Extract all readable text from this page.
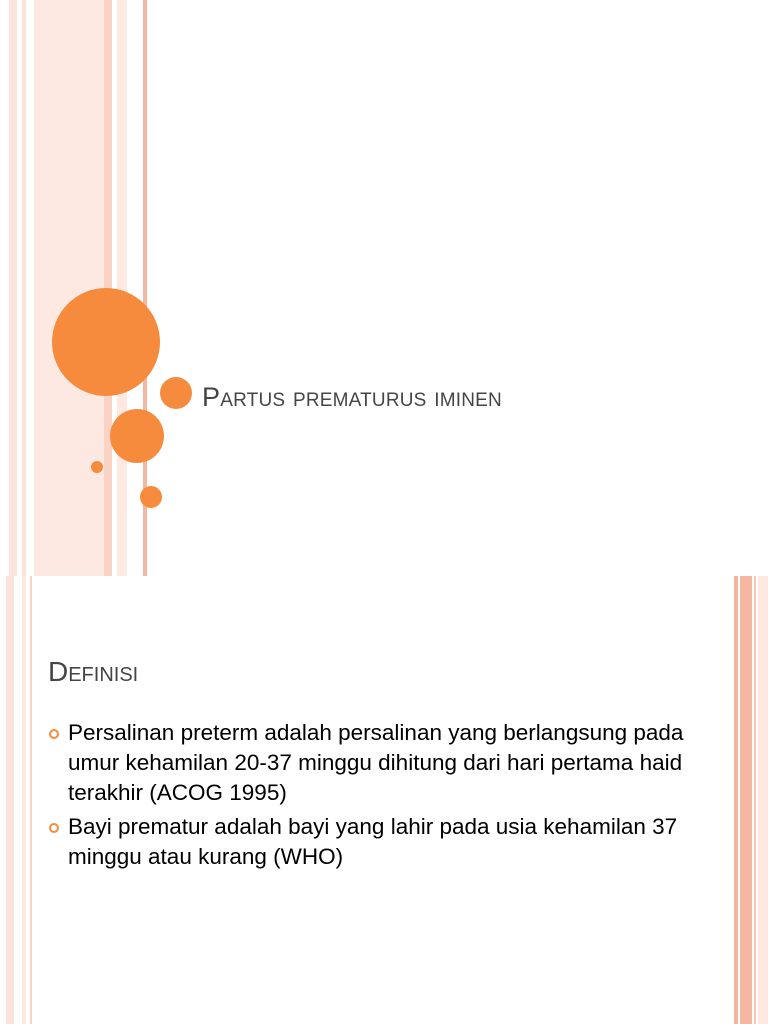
Partus prematurus iminen
Definisi
Persalinan preterm adalah persalinan yang berlangsung pada umur kehamilan 20-37 minggu dihitung dari hari pertama haid terakhir (ACOG 1995)
Bayi prematur adalah bayi yang lahir pada usia kehamilan 37 minggu atau kurang (WHO)
